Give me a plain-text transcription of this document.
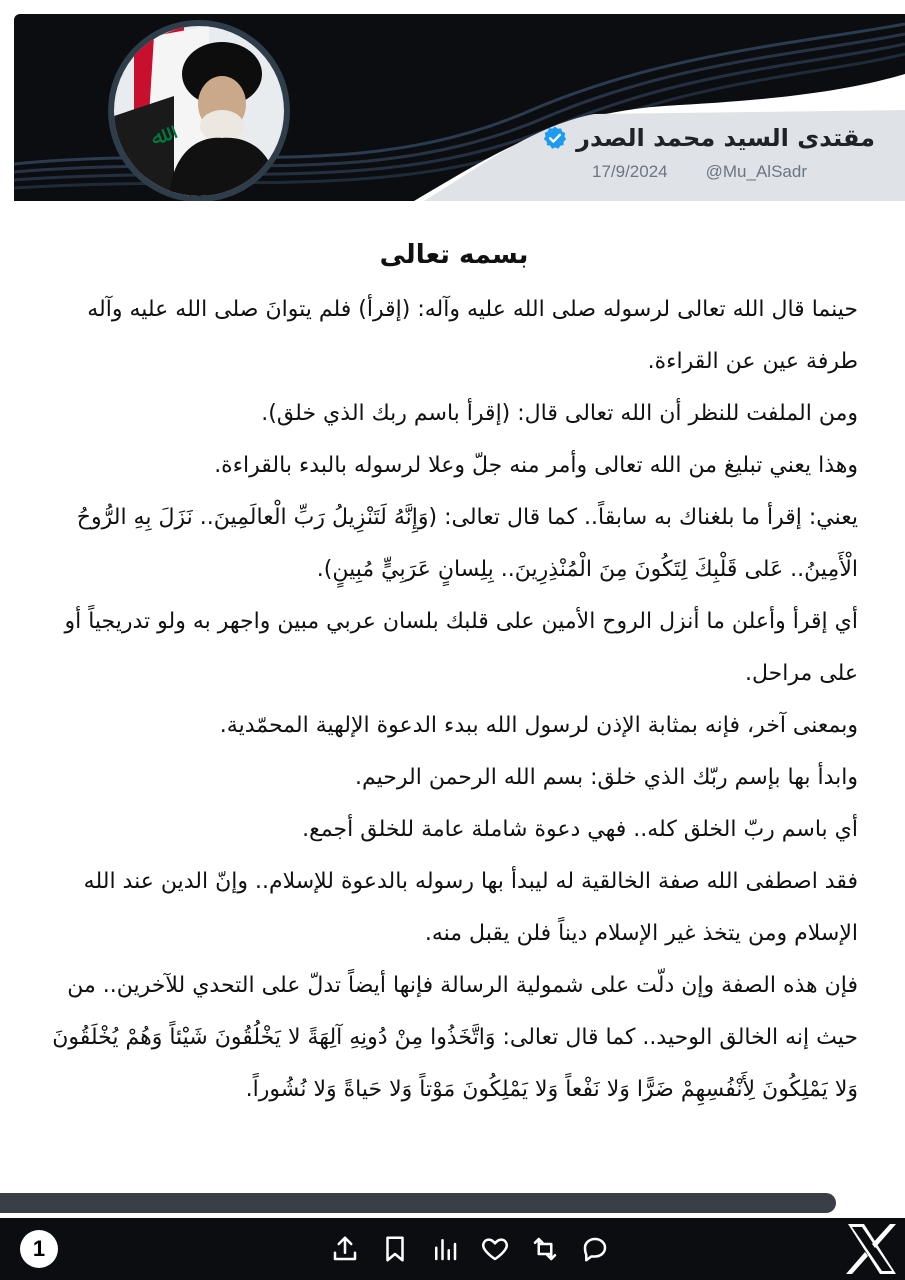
ﷲ	مقتدى السيد محمد الصدر
17/9/2024 @Mu_AlSadr
بسمه تعالى

حينما قال الله تعالى لرسوله صلى الله عليه وآله: (إقرأ) فلم يتوانَ صلى الله عليه وآله طرفة عين عن القراءة.

ومن الملفت للنظر أن الله تعالى قال: (إقرأ باسم ربك الذي خلق).

وهذا يعني تبليغ من الله تعالى وأمر منه جلّ وعلا لرسوله بالبدء بالقراءة.

يعني: إقرأ ما بلغناك به سابقاً.. كما قال تعالى: (وَإِنَّهُ لَتَنْزِيلُ رَبِّ الْعالَمِينَ.. نَزَلَ بِهِ الرُّوحُ الْأَمِينُ.. عَلى قَلْبِكَ لِتَكُونَ مِنَ الْمُنْذِرِينَ.. بِلِسانٍ عَرَبِيٍّ مُبِينٍ).

أي إقرأ وأعلن ما أنزل الروح الأمين على قلبك بلسان عربي مبين واجهر به ولو تدريجياً أو على مراحل.

وبمعنى آخر، فإنه بمثابة الإذن لرسول الله ببدء الدعوة الإلهية المحمّدية.

وابدأ بها بإسم ربّك الذي خلق: بسم الله الرحمن الرحيم.

أي باسم ربّ الخلق كله.. فهي دعوة شاملة عامة للخلق أجمع.

فقد اصطفى الله صفة الخالقية له ليبدأ بها رسوله بالدعوة للإسلام.. وإنّ الدين عند الله الإسلام ومن يتخذ غير الإسلام ديناً فلن يقبل منه.

فإن هذه الصفة وإن دلّت على شمولية الرسالة فإنها أيضاً تدلّ على التحدي للآخرين.. من حيث إنه الخالق الوحيد.. كما قال تعالى: وَاتَّخَذُوا مِنْ دُونِهِ آلِهَةً لا يَخْلُقُونَ شَيْئاً وَهُمْ يُخْلَقُونَ وَلا يَمْلِكُونَ لِأَنْفُسِهِمْ ضَرًّا وَلا نَفْعاً وَلا يَمْلِكُونَ مَوْتاً وَلا حَياةً وَلا نُشُوراً.

1
